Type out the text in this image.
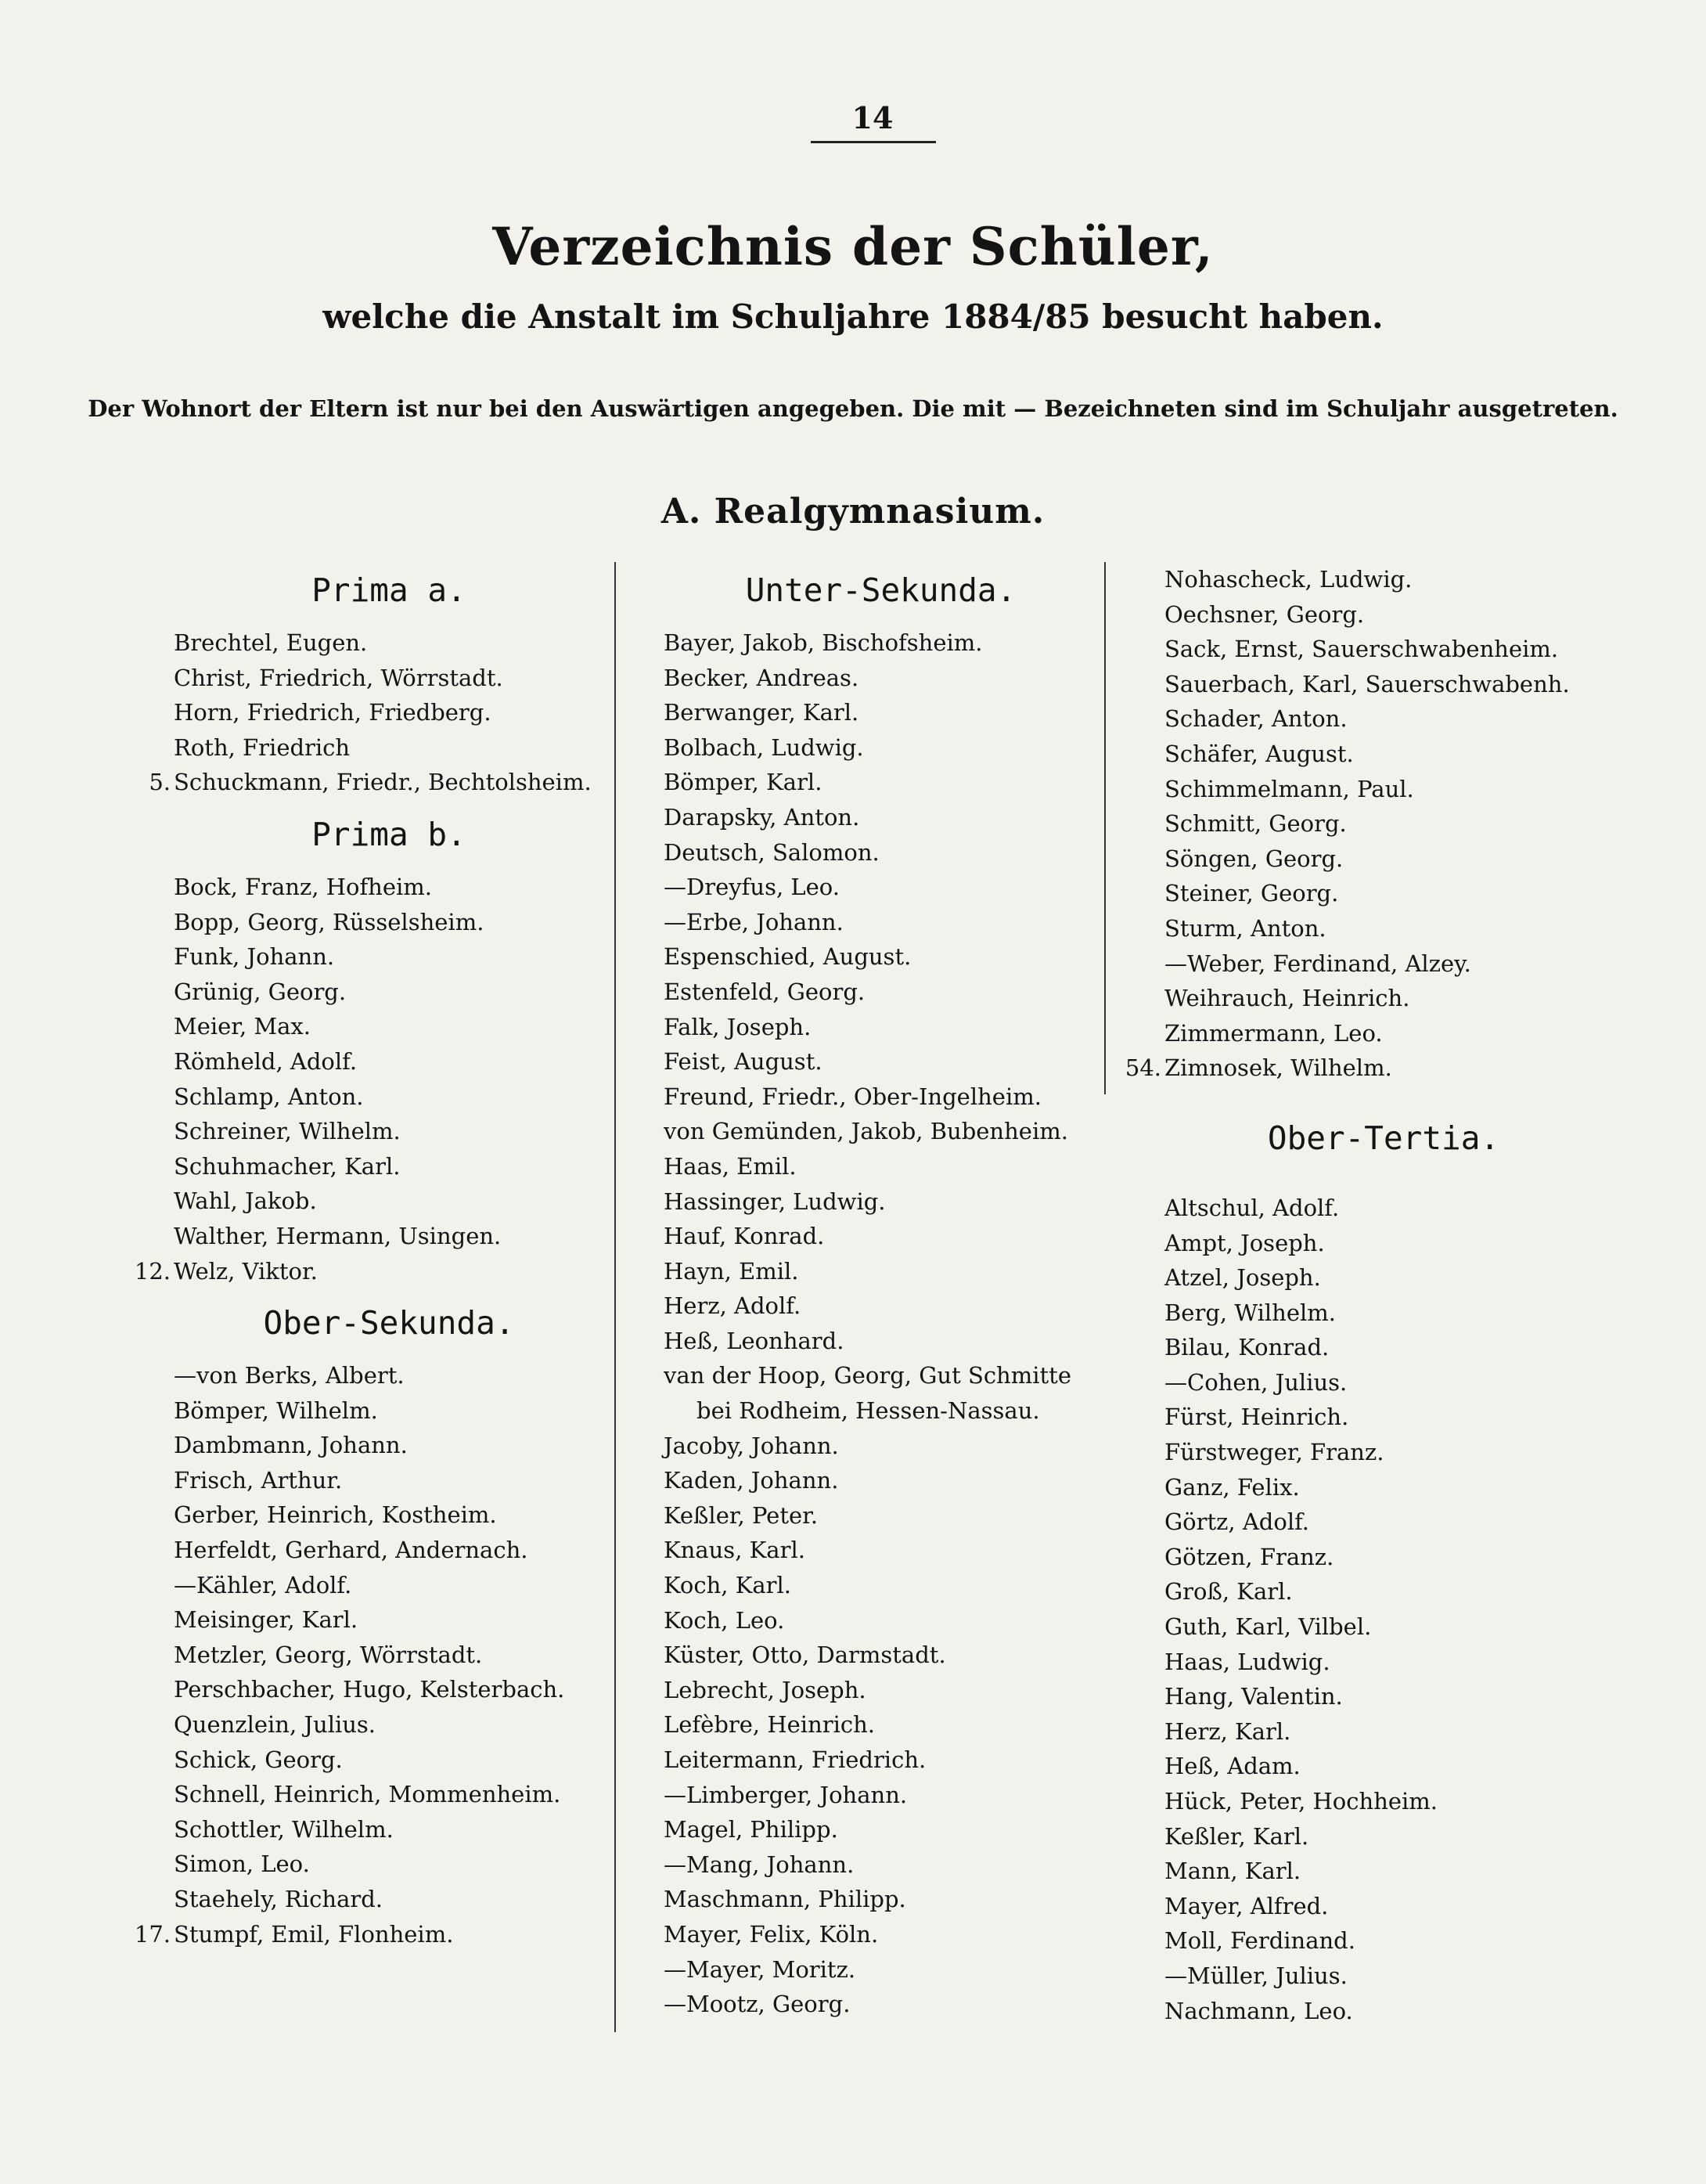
14
Verzeichnis der Schüler,
welche die Anstalt im Schuljahre 1884/85 besucht haben.
Der Wohnort der Eltern ist nur bei den Auswärtigen angegeben. Die mit — Bezeichneten sind im Schuljahr ausgetreten.
A. Realgymnasium.
Prima a.
Brechtel, Eugen.
Christ, Friedrich, Wörrstadt.
Horn, Friedrich, Friedberg.
Roth, Friedrich
5. Schuckmann, Friedr., Bechtolsheim.
Prima b.
Bock, Franz, Hofheim.
Bopp, Georg, Rüsselsheim.
Funk, Johann.
Grünig, Georg.
Meier, Max.
Römheld, Adolf.
Schlamp, Anton.
Schreiner, Wilhelm.
Schuhmacher, Karl.
Wahl, Jakob.
Walther, Hermann, Usingen.
12. Welz, Viktor.
Ober-Sekunda.
—von Berks, Albert.
Bömper, Wilhelm.
Dambmann, Johann.
Frisch, Arthur.
Gerber, Heinrich, Kostheim.
Herfeldt, Gerhard, Andernach.
—Kähler, Adolf.
Meisinger, Karl.
Metzler, Georg, Wörrstadt.
Perschbacher, Hugo, Kelsterbach.
Quenzlein, Julius.
Schick, Georg.
Schnell, Heinrich, Mommenheim.
Schottler, Wilhelm.
Simon, Leo.
Staehely, Richard.
17. Stumpf, Emil, Flonheim.
Unter-Sekunda.
Bayer, Jakob, Bischofsheim.
Becker, Andreas.
Berwanger, Karl.
Bolbach, Ludwig.
Bömper, Karl.
Darapsky, Anton.
Deutsch, Salomon.
—Dreyfus, Leo.
—Erbe, Johann.
Espenschied, August.
Estenfeld, Georg.
Falk, Joseph.
Feist, August.
Freund, Friedr., Ober-Ingelheim.
von Gemünden, Jakob, Bubenheim.
Haas, Emil.
Hassinger, Ludwig.
Hauf, Konrad.
Hayn, Emil.
Herz, Adolf.
Heß, Leonhard.
van der Hoop, Georg, Gut Schmitte
bei Rodheim, Hessen-Nassau.
Jacoby, Johann.
Kaden, Johann.
Keßler, Peter.
Knaus, Karl.
Koch, Karl.
Koch, Leo.
Küster, Otto, Darmstadt.
Lebrecht, Joseph.
Lefèbre, Heinrich.
Leitermann, Friedrich.
—Limberger, Johann.
Magel, Philipp.
—Mang, Johann.
Maschmann, Philipp.
Mayer, Felix, Köln.
—Mayer, Moritz.
—Mootz, Georg.
Nohascheck, Ludwig.
Oechsner, Georg.
Sack, Ernst, Sauerschwabenheim.
Sauerbach, Karl, Sauerschwabenh.
Schader, Anton.
Schäfer, August.
Schimmelmann, Paul.
Schmitt, Georg.
Söngen, Georg.
Steiner, Georg.
Sturm, Anton.
—Weber, Ferdinand, Alzey.
Weihrauch, Heinrich.
Zimmermann, Leo.
54. Zimnosek, Wilhelm.
Ober-Tertia.
Altschul, Adolf.
Ampt, Joseph.
Atzel, Joseph.
Berg, Wilhelm.
Bilau, Konrad.
—Cohen, Julius.
Fürst, Heinrich.
Fürstweger, Franz.
Ganz, Felix.
Görtz, Adolf.
Götzen, Franz.
Groß, Karl.
Guth, Karl, Vilbel.
Haas, Ludwig.
Hang, Valentin.
Herz, Karl.
Heß, Adam.
Hück, Peter, Hochheim.
Keßler, Karl.
Mann, Karl.
Mayer, Alfred.
Moll, Ferdinand.
—Müller, Julius.
Nachmann, Leo.
